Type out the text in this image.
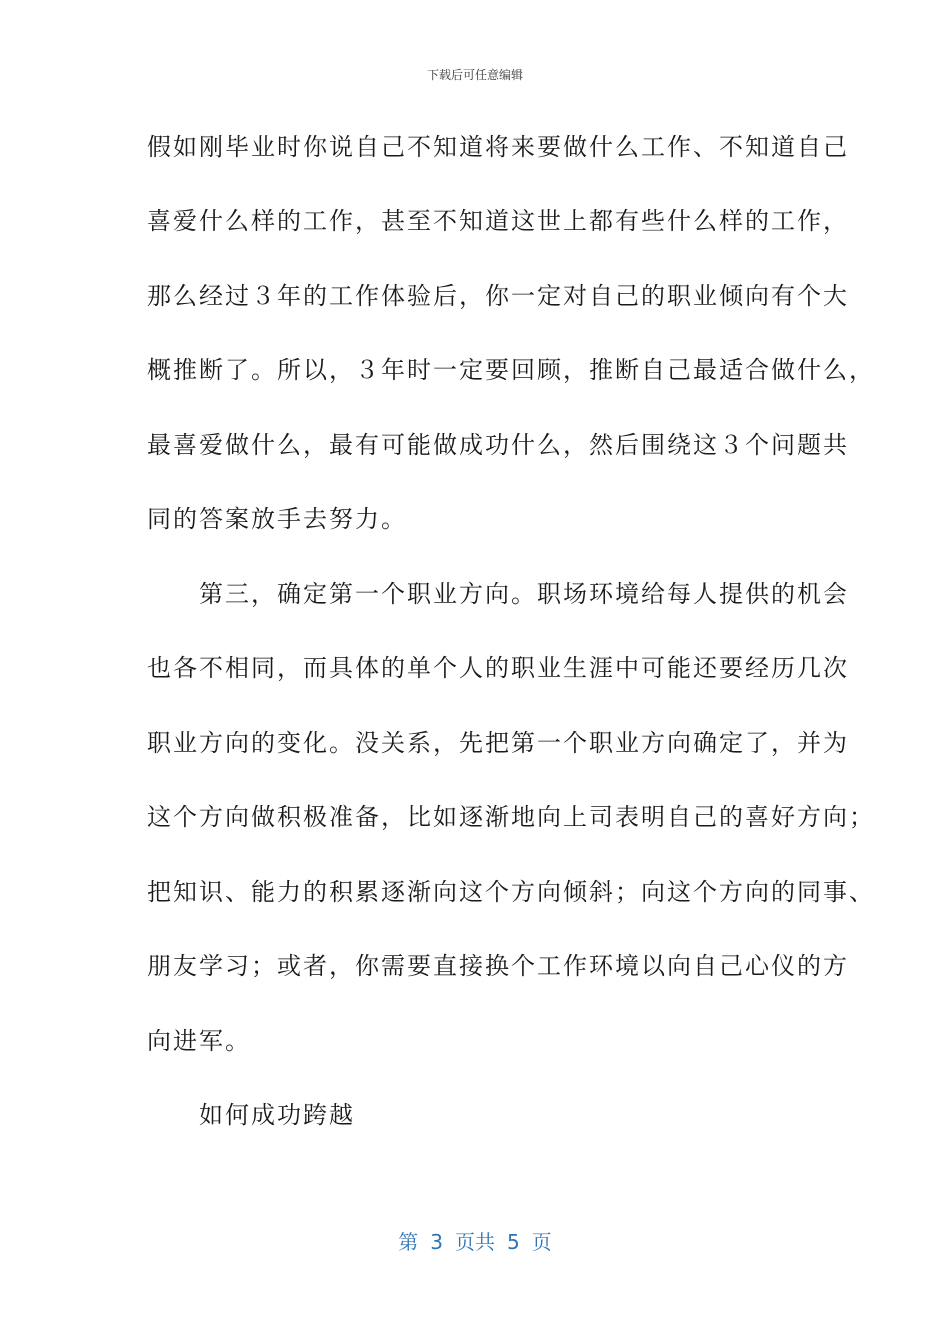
下载后可任意编辑
假如刚毕业时你说自己不知道将来要做什么工作、不知道自己
喜爱什么样的工作，甚至不知道这世上都有些什么样的工作，
那么经过３年的工作体验后，你一定对自己的职业倾向有个大
概推断了。所以，３年时一定要回顾，推断自己最适合做什么，
最喜爱做什么，最有可能做成功什么，然后围绕这３个问题共
同的答案放手去努力。
　　第三，确定第一个职业方向。职场环境给每人提供的机会
也各不相同，而具体的单个人的职业生涯中可能还要经历几次
职业方向的变化。没关系，先把第一个职业方向确定了，并为
这个方向做积极准备，比如逐渐地向上司表明自己的喜好方向；
把知识、能力的积累逐渐向这个方向倾斜；向这个方向的同事、
朋友学习；或者，你需要直接换个工作环境以向自己心仪的方
向进军。
　　如何成功跨越
第 3 页共 5 页
